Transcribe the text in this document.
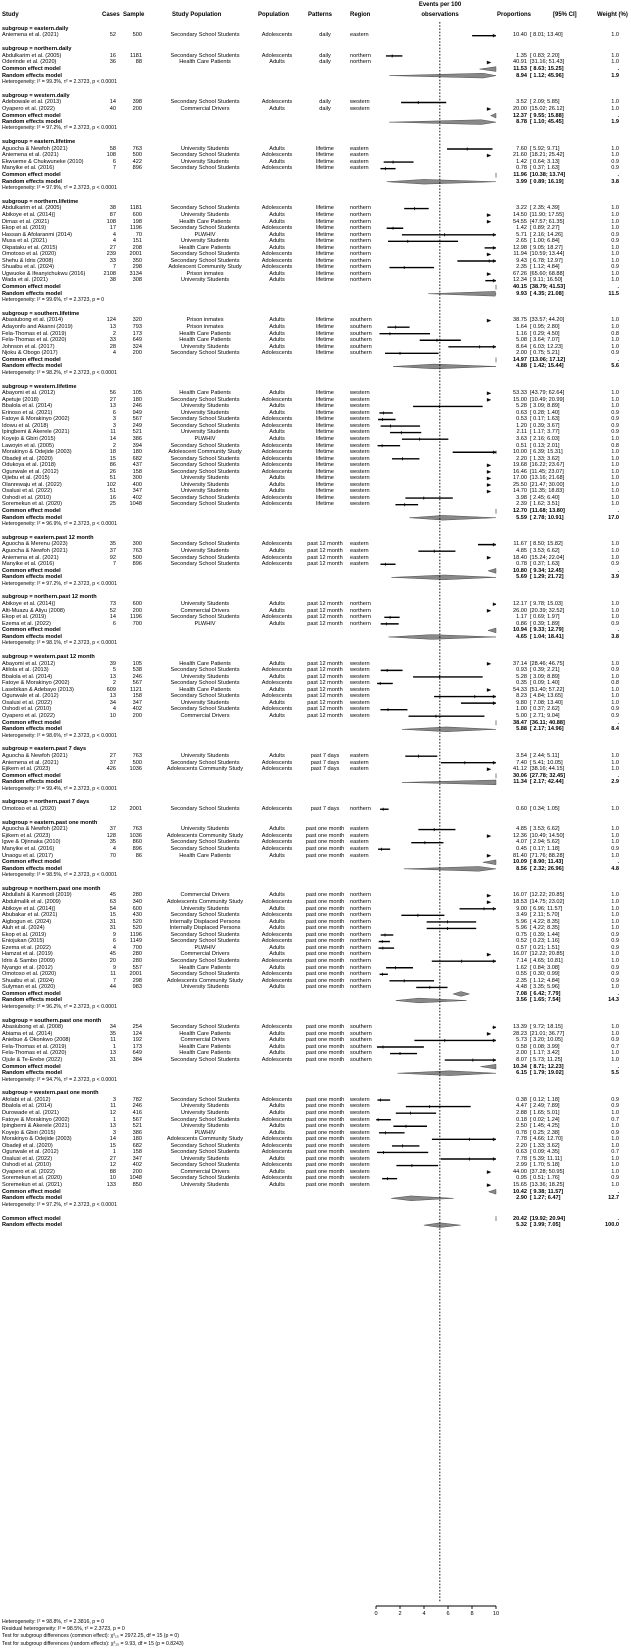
Study	Cases Sample	Study Population	Population	Patterns	Region
Events per 100
observations	Proportions	[95% CI]	Weight (%)
subgroup = eastern.daily
Aniemena et al. (2021)	52	500	Secondary School Students	Adolescents	daily	eastern	10.40 [ 8.01; 13.40]	1.0
subgroup = northern.daily
Abdulkarim et al. (2005)	16	1181	Secondary School Students	Adolescents	daily	northern	1.35 [ 0.83; 2.20]	1.0
Oderinde et al. (2020)	36	88	Health Care Patients	Adults	daily	northern	40.91 [31.16; 51.43]	1.0
Common effect model	11.53 [ 8.63; 15.25]	.
Random effects model	8.94 [ 1.12; 45.96]	1.9
Heterogeneity: I² = 99.3%, τ² = 2.3723, p < 0.0001
subgroup = western.daily
Adebowale et al. (2013)	14	398	Secondary School Students	Adolescents	daily	western	3.52 [ 2.09; 5.85]	1.0
Oyapero et al. (2022)	40	200	Commercial Drivers	Adults	daily	western	20.00 [15.02; 26.12]	1.0
Common effect model	12.37 [ 9.55; 15.88]	.
Random effects model	8.78 [ 1.10; 45.45]	1.9
Heterogeneity: I² = 97.2%, τ² = 2.3723, p < 0.0001
subgroup = eastern.lifetime
Aguocha & Newfoh (2021)	58	763	University Students	Adults	lifetime	eastern	7.60 [ 5.92; 9.71]	1.0
Aniemena et al. (2021)	108	500	Secondary School Students	Adolescents	lifetime	eastern	21.60 [18.21; 25.42]	1.0
Ekwueme & Chukwuneke (2010)	6	422	University Students	Adults	lifetime	eastern	1.42 [ 0.64; 3.13]	0.9
Manyike et al. (2016)	7	896	Secondary School Students	Adolescents	lifetime	eastern	0.78 [ 0.37; 1.63]	0.9
Common effect model	11.96 [10.38; 13.74]	.
Random effects model	3.99 [ 0.89; 16.19]	3.8
Heterogeneity: I² = 97.9%, τ² = 2.3723, p < 0.0001
subgroup = northern.lifetime
Abdulkarim et al. (2005)	38	1181	Secondary School Students	Adolescents	lifetime	northern	3.22 [ 2.35; 4.39]	1.0
Abikoye et al. (2014)]	87	600	University Students	Adults	lifetime	northern	14.50 [11.90; 17.55]	1.0
Dimas et al. (2021)	108	198	Health Care Patients	Adults	lifetime	northern	54.55 [47.57; 61.35]	1.0
Ekop et al. (2019)	17	1196	Secondary School Students	Adolescents	lifetime	northern	1.42 [ 0.89; 2.27]	1.0
Hassan & Afolaranmi (2014)	4	70	PLWHIV	Adults	lifetime	northern	5.71 [ 2.16; 14.26]	0.9
Musa et al. (2021)	4	151	University Students	Adults	lifetime	northern	2.65 [ 1.00; 6.84]	0.9
Okpataku et al. (2015)	27	208	Health Care Patients	Adults	lifetime	northern	12.98 [ 9.05; 18.27]	1.0
Omotoso et al. (2020)	239	2001	Secondary School Students	Adolescents	lifetime	northern	11.94 [10.59; 13.44]	1.0
Shehu & Idris (2008)	33	350	Secondary School Students	Adolescents	lifetime	northern	9.43 [ 6.78; 12.97]	1.0
Shuaibu et al. (2024)	7	298	Adolescent Community Study	Adolescents	lifetime	northern	2.35 [ 1.12; 4.84]	0.9
Ugwuoke & Ifeanyichukwu (2016)	2108	3134	Prison inmates	Adults	lifetime	northern	67.26 [65.60; 68.88]	1.0
Wada et al. (2021)	38	308	University Students	Adults	lifetime	northern	12.34 [ 9.11; 16.50]	1.0
Common effect model	40.15 [38.79; 41.53]	.
Random effects model	9.93 [ 4.35; 21.08]	11.5
Heterogeneity: I² = 99.6%, τ² = 2.3723, p = 0
subgroup = southern.lifetime
Abasiubong et al. (2014)	124	320	Prison inmates	Adults	lifetime	southern	38.75 [33.57; 44.20]	1.0
Adayonfo and Akanni (2019)	13	793	Prison inmates	Adults	lifetime	southern	1.64 [ 0.95; 2.80]	1.0
Fela-Thomas et al. (2019)	2	173	Health Care Patients	Adults	lifetime	southern	1.16 [ 0.29; 4.50]	0.8
Fela-Thomas et al. (2020)	33	649	Health Care Patients	Adults	lifetime	southern	5.08 [ 3.64; 7.07]	1.0
Johnson et al. (2017)	28	324	University Students	Adults	lifetime	southern	8.64 [ 6.03; 12.23]	1.0
Njoku & Obogo (2017)	4	200	Secondary School Students	Adolescents	lifetime	southern	2.00 [ 0.75; 5.21]	0.9
Common effect model	14.97 [13.06; 17.12]	.
Random effects model	4.88 [ 1.42; 15.44]	5.6
Heterogeneity: I² = 98.2%, τ² = 2.3723, p < 0.0001
subgroup = western.lifetime
Abayomi et al. (2012)	56	105	Health Care Patients	Adults	lifetime	western	53.33 [43.79; 62.64]	1.0
Apetuje (2018)	27	180	Secondary School Students	Adolescents	lifetime	western	15.00 [10.49; 20.99]	1.0
Bbalola et al. (2014)	13	246	University Students	Adults	lifetime	western	5.28 [ 3.09; 8.89]	1.0
Erinoso et al. (2021)	6	949	University Students	Adults	lifetime	western	0.63 [ 0.28; 1.40]	0.9
Fatoye & Morakinyo (2002)	3	567	Secondary School Students	Adolescents	lifetime	western	0.53 [ 0.17; 1.63]	0.9
Idowu et al. (2018)	3	249	Secondary School Students	Adolescents	lifetime	western	1.20 [ 0.39; 3.67]	0.9
Ipingbemi & Akerele (2021)	11	521	University Students	Adults	lifetime	western	2.11 [ 1.17; 3.77]	0.9
Koyejo & Gbiri (2015)	14	386	PLWHIV	Adults	lifetime	western	3.63 [ 2.16; 6.03]	1.0
Lawoyin et al. (2005)	2	394	Secondary School Students	Adolescents	lifetime	western	0.51 [ 0.13; 2.01]	0.8
Morakinyo & Odejide (2003)	18	180	Adolescent Community Study	Adolescents	lifetime	western	10.00 [ 6.39; 15.31]	1.0
Obadeji et al. (2020)	15	682	Secondary School Students	Adolescents	lifetime	western	2.20 [ 1.33; 3.62]	1.0
Odukoya et al. (2018)	86	437	Secondary School Students	Adolescents	lifetime	western	19.68 [16.22; 23.67]	1.0
Ogunwale et al. (2012)	26	158	Secondary School Students	Adolescents	lifetime	western	16.46 [11.45; 23.07]	1.0
Ojiebu et al. (2015)	51	300	University Students	Adults	lifetime	western	17.00 [13.16; 21.68]	1.0
Olanrewaju et al. (2022)	102	400	University Students	Adults	lifetime	western	25.50 [21.47; 30.00]	1.0
Osalusi et al. (2022)	51	347	University Students	Adults	lifetime	western	14.70 [11.35; 18.83]	1.0
Oshodi et al. (2010)	16	402	Secondary School Students	Adolescents	lifetime	western	3.98 [ 2.45; 6.40]	1.0
Soremekun et al. (2020)	25	1048	Secondary School Students	Adolescents	lifetime	western	2.39 [ 1.62; 3.51]	1.0
Common effect model	12.70 [11.68; 13.80]	.
Random effects model	5.59 [ 2.78; 10.91]	17.0
Heterogeneity: I² = 96.9%, τ² = 2.3723, p < 0.0001
subgroup = eastern.past 12 month
Aguocha & Merenu (2023)	35	300	Secondary School Students	Adolescents	past 12 month	eastern	11.67 [ 8.50; 15.82]	1.0
Aguocha & Newfoh (2021)	37	763	University Students	Adults	past 12 month	eastern	4.85 [ 3.53; 6.62]	1.0
Aniemena et al. (2021)	92	500	Secondary School Students	Adolescents	past 12 month	eastern	18.40 [15.24; 22.04]	1.0
Manyike et al. (2016)	7	896	Secondary School Students	Adolescents	past 12 month	eastern	0.78 [ 0.37; 1.63]	0.9
Common effect model	10.80 [ 9.34; 12.45]	.
Random effects model	5.69 [ 1.29; 21.72]	3.9
Heterogeneity: I² = 97.2%, τ² = 2.3723, p < 0.0001
subgroup = northern.past 12 month
Abikoye et al. (2014)]	73	600	University Students	Adults	past 12 month	northern	12.17 [ 9.78; 15.03]	1.0
Alti-Muazu & Aliyu (2008)	52	200	Commercial Drivers	Adults	past 12 month	northern	26.00 [20.39; 32.52]	1.0
Ekop et al. (2019)	14	1196	Secondary School Students	Adolescents	past 12 month	northern	1.17 [ 0.69; 1.97]	1.0
Ezema et al. (2022)	6	700	PLWHIV	Adults	past 12 month	northern	0.86 [ 0.39; 1.89]	0.9
Common effect model	10.94 [ 9.33; 12.79]	.
Random effects model	4.65 [ 1.04; 18.41]	3.8
Heterogeneity: I² = 98.1%, τ² = 2.3723, p < 0.0001
subgroup = western.past 12 month
Abayomi et al. (2012)	39	105	Health Care Patients	Adults	past 12 month	western	37.14 [28.46; 46.75]	1.0
Atilola et al. (2013)	5	538	Secondary School Students	Adolescents	past 12 month	western	0.93 [ 0.39; 2.21]	0.9
Bbalola et al. (2014)	13	246	University Students	Adults	past 12 month	western	5.28 [ 3.09; 8.89]	1.0
Fatoye & Morakinyo (2002)	2	567	Secondary School Students	Adolescents	past 12 month	western	0.35 [ 0.09; 1.40]	0.8
Lasebikan & Adebayo (2013)	609	1121	Health Care Patients	Adults	past 12 month	western	54.33 [51.40; 57.22]	1.0
Ogunwale et al. (2012)	13	158	Secondary School Students	Adolescents	past 12 month	western	8.23 [ 4.84; 13.65]	1.0
Osalusi et al. (2022)	34	347	University Students	Adults	past 12 month	western	9.80 [ 7.08; 13.40]	1.0
Oshodi et al. (2010)	4	402	Secondary School Students	Adolescents	past 12 month	western	1.00 [ 0.37; 2.62]	0.9
Oyapero et al. (2022)	10	200	Commercial Drivers	Adults	past 12 month	western	5.00 [ 2.71; 9.04]	0.9
Common effect model	38.47 [36.11; 40.88]	.
Random effects model	5.88 [ 2.17; 14.96]	8.4
Heterogeneity: I² = 98.6%, τ² = 2.3723, p < 0.0001
subgroup = eastern.past 7 days
Aguocha & Newfoh (2021)	27	763	University Students	Adults	past 7 days	eastern	3.54 [ 2.44; 5.11]	1.0
Aniemena et al. (2021)	37	500	Secondary School Students	Adolescents	past 7 days	eastern	7.40 [ 5.41; 10.05]	1.0
Ejikem et al. (2023)	426	1036	Adolescents Community Study	Adolescents	past 7 days	eastern	41.12 [38.16; 44.15]	1.0
Common effect model	30.06 [27.78; 32.45]	.
Random effects model	11.34 [ 2.17; 42.44]	2.9
Heterogeneity: I² = 99.4%, τ² = 2.3723, p < 0.0001
subgroup = northern.past 7 days
Omotoso et al. (2020)	12	2001	Secondary School Students	Adolescents	past 7 days	northern	0.60 [ 0.34; 1.05]	1.0
subgroup = eastern.past one month
Aguocha & Newfoh (2021)	37	763	University Students	Adults	past one month eastern	4.85 [ 3.53; 6.62]	1.0
Ejikem et al. (2023)	128	1036	Adolescents Community Study	Adolescents	past one month eastern	12.36 [10.49; 14.50]	1.0
Igwe & Ojinnaka (2010)	35	860	Secondary School Students	Adolescents	past one month eastern	4.07 [ 2.94; 5.62]	1.0
Manyike et al. (2016)	4	896	Secondary School Students	Adolescents	past one month eastern	0.45 [ 0.17; 1.18]	0.9
Unaogu et al. (2017)	70	86	Health Care Patients	Adults	past one month eastern	81.40 [71.76; 88.28]	1.0
Common effect model	10.09 [ 8.90; 11.43]	.
Random effects model	8.56 [ 2.32; 26.96]	4.8
Heterogeneity: I² = 98.5%, τ² = 2.3723, p < 0.0001
subgroup = northern.past one month
Abdullahi & Kanmodi (2019)	45	280	Commercial Drivers	Adults	past one month northern	16.07 [12.22; 20.85]	1.0
Abdulmalik et al. (2009)	63	340	Adolescents Community Study	Adolescents	past one month northern	18.53 [14.75; 23.02]	1.0
Abikoye et al. (2014)]	54	600	University Students	Adults	past one month northern	9.00 [ 6.96; 11.57]	1.0
Abubakar et al. (2021)	15	430	Secondary School Students	Adolescents	past one month northern	3.49 [ 2.11; 5.70]	1.0
Aigbogun et. (2024)	31	520	Internally Displaced Persons	Adults	past one month northern	5.96 [ 4.22; 8.35]	1.0
Aluh et al. (2024)	31	520	Internally Displaced Persons	Adults	past one month northern	5.96 [ 4.22; 8.35]	1.0
Ekop et al. (2019)	9	1196	Secondary School Students	Adolescents	past one month northern	0.75 [ 0.39; 1.44]	0.9
Eniojukan (2015)	6	1149	Secondary School Students	Adolescents	past one month northern	0.52 [ 0.23; 1.16]	0.9
Ezema et al. (2022)	4	700	PLWHIV	Adults	past one month northern	0.57 [ 0.21; 1.51]	0.9
Hamzat et al. (2019)	45	280	Commercial Drivers	Adults	past one month northern	16.07 [12.22; 20.85]	1.0
Idris & Sambo (2009)	20	280	Secondary School Students	Adolescents	past one month northern	7.14 [ 4.65; 10.81]	1.0
Nyango et al. (2012)	9	557	Health Care Patients	Adults	past one month northern	1.62 [ 0.84; 3.08]	0.9
Omotoso et al. (2020)	11	2001	Secondary School Students	Adolescents	past one month northern	0.55 [ 0.30; 0.99]	0.9
Shuaibu et al. (2024)	7	298	Adolescents Community Study	Adolescents	past one month northern	2.35 [ 1.12; 4.84]	0.9
Sulyman et al. (2020)	44	983	University Students	Adults	past one month northern	4.48 [ 3.35; 5.96]	1.0
Common effect model	7.08 [ 6.42; 7.79]	.
Random effects model	3.56 [ 1.65; 7.54]	14.3
Heterogeneity: I² = 96.2%, τ² = 2.3723, p < 0.0001
subgroup = southern.past one month
Abasiubong et al. (2008)	34	254	Secondary School Students	Adolescents	past one month southern	13.39 [ 9.72; 18.15]	1.0
Abiama et al. (2014)	35	124	Health Care Patients	Adults	past one month southern	28.23 [21.01; 36.77]	1.0
Aniebue & Okonkwo (2008)	11	192	Commercial Drivers	Adults	past one month southern	5.73 [ 3.20; 10.05]	0.9
Fela-Thomas et al. (2019)	1	173	Health Care Patients	Adults	past one month southern	0.58 [ 0.08; 3.99]	0.7
Fela-Thomas et al. (2020)	13	649	Health Care Patients	Adults	past one month southern	2.00 [ 1.17; 3.42]	1.0
Ojule & Te-Erebe (2022)	31	384	Secondary School Students	Adolescents	past one month southern	8.07 [ 5.73; 11.25]	1.0
Common effect model	10.34 [ 8.71; 12.23]	.
Random effects model	6.15 [ 1.79; 19.02]	5.5
Heterogeneity: I² = 94.7%, τ² = 2.3723, p < 0.0001
subgroup = western.past one month
Afolabi et al. (2012)	3	782	Secondary School Students	Adolescents	past one month western	0.38 [ 0.12; 1.18]	0.9
Bbalola et al. (2014)	11	246	University Students	Adults	past one month western	4.47 [ 2.49; 7.89]	0.9
Durowade et al. (2021)	12	416	University Students	Adults	past one month western	2.88 [ 1.65; 5.01]	1.0
Fatoye & Morakinyo (2002)	1	567	Secondary School Students	Adolescents	past one month western	0.18 [ 0.02; 1.24]	0.7
Ipingbemi & Akerele (2021)	13	521	University Students	Adults	past one month western	2.50 [ 1.45; 4.25]	1.0
Koyejo & Gbiri (2015)	3	386	PLWHIV	Adults	past one month western	0.78 [ 0.25; 2.38]	0.9
Morakinyo & Odejide (2003)	14	180	Adolescents Community Study	Adolescents	past one month western	7.78 [ 4.66; 12.70]	1.0
Obadeji et al. (2020)	15	682	Secondary School Students	Adolescents	past one month western	2.20 [ 1.33; 3.62]	1.0
Ogunwale et al. (2012)	1	158	Secondary School Students	Adolescents	past one month western	0.63 [ 0.09; 4.35]	0.7
Osalusi et al. (2022)	27	347	University Students	Adults	past one month western	7.78 [ 5.39; 11.11]	1.0
Oshodi et al. (2010)	12	402	Secondary School Students	Adolescents	past one month western	2.99 [ 1.70; 5.18]	1.0
Oyapero et al. (2022)	88	200	Commercial Drivers	Adults	past one month western	44.00 [37.28; 50.95]	1.0
Soremekun et al. (2020)	10	1048	Secondary School Students	Adolescents	past one month western	0.95 [ 0.51; 1.76]	0.9
Soremekun et al. (2021)	133	850	University Students	Adults	past one month western	15.65 [13.36; 18.25]	1.0
Common effect model	10.42 [ 9.38; 11.57]	.
Random effects model	2.90 [ 1.27; 6.47]	12.7
Heterogeneity: I² = 97.2%, τ² = 2.3723, p < 0.0001
Common effect model	20.42 [19.92; 20.94]	.
Random effects model	5.32 [ 3.99; 7.05]	100.0
0	2	4	6	8	10
Heterogeneity: I² = 98.8%, τ² = 2.3816, p = 0
Residual heterogeneity: I² = 98.5%, τ² = 2.3723, p = 0
Test for subgroup differences (common effect): χ²₁₅ = 2972.25, df = 15 (p = 0)
Test for subgroup differences (random effects): χ²₁₅ = 9.93, df = 15 (p = 0.8243)
